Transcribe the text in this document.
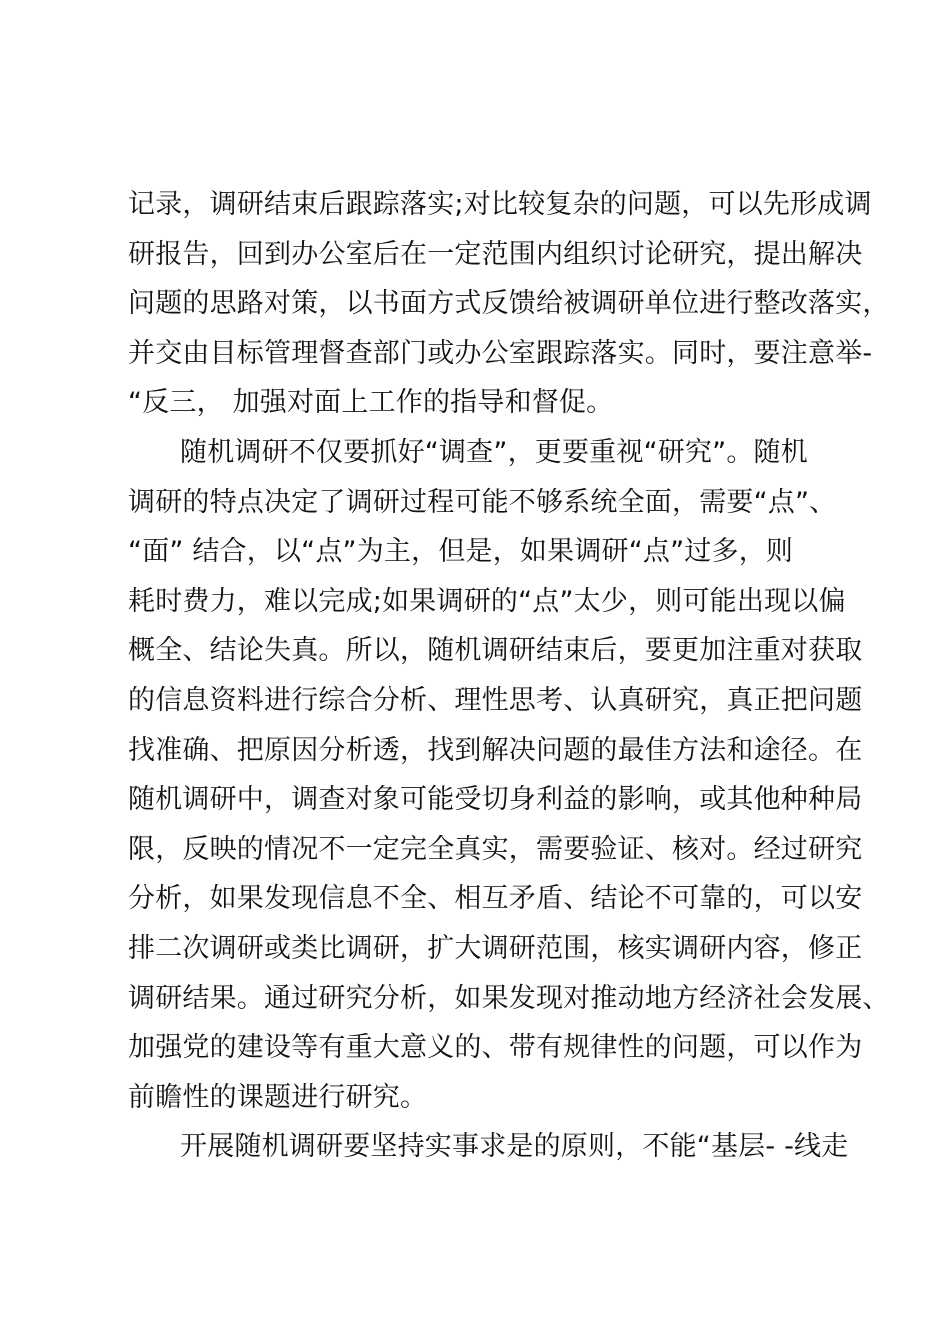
记录，调研结束后跟踪落实;对比较复杂的问题，可以先形成调
研报告，回到办公室后在一定范围内组织讨论研究，提出解决
问题的思路对策，以书面方式反馈给被调研单位进行整改落实，
并交由目标管理督查部门或办公室跟踪落实。同时，要注意举-
“反三， 加强对面上工作的指导和督促。
随机调研不仅要抓好“调查”，更要重视“研究”。随机
调研的特点决定了调研过程可能不够系统全面，需要“点”、
“面” 结合，以“点”为主，但是，如果调研“点”过多，则
耗时费力，难以完成;如果调研的“点”太少，则可能出现以偏
概全、结论失真。所以，随机调研结束后，要更加注重对获取
的信息资料进行综合分析、理性思考、认真研究，真正把问题
找准确、把原因分析透，找到解决问题的最佳方法和途径。在
随机调研中，调查对象可能受切身利益的影响，或其他种种局
限，反映的情况不一定完全真实，需要验证、核对。经过研究
分析，如果发现信息不全、相互矛盾、结论不可靠的，可以安
排二次调研或类比调研，扩大调研范围，核实调研内容，修正
调研结果。通过研究分析，如果发现对推动地方经济社会发展、
加强党的建设等有重大意义的、带有规律性的问题，可以作为
前瞻性的课题进行研究。
开展随机调研要坚持实事求是的原则，不能“基层- -线走
